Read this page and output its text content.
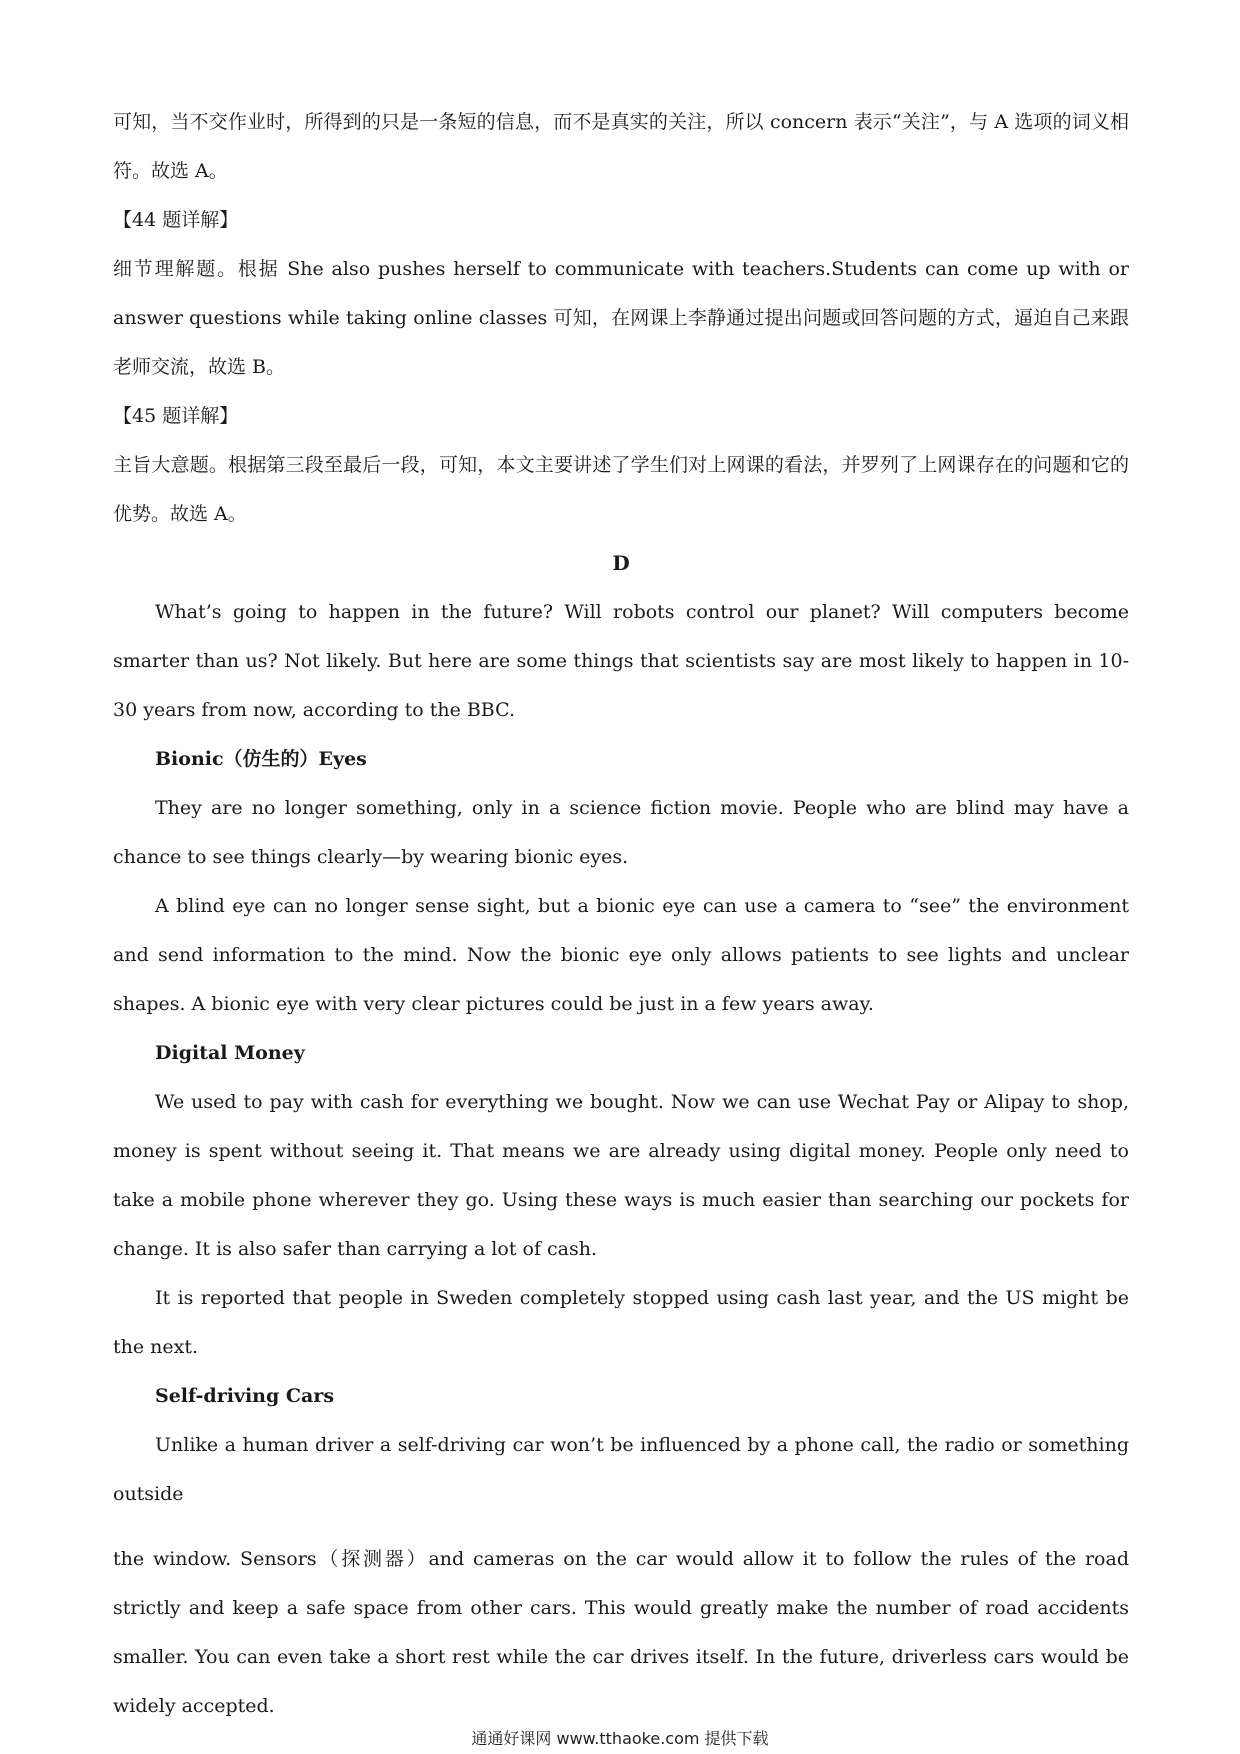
可知，当不交作业时，所得到的只是一条短的信息，而不是真实的关注，所以 concern 表示“关注”，与 A 选项的词义相符。故选 A。

【44 题详解】

细节理解题。根据 She also pushes herself to communicate with teachers.Students can come up with or answer questions while taking online classes 可知，在网课上李静通过提出问题或回答问题的方式，逼迫自己来跟老师交流，故选 B。

【45 题详解】

主旨大意题。根据第三段至最后一段，可知，本文主要讲述了学生们对上网课的看法，并罗列了上网课存在的问题和它的优势。故选 A。

D

What’s going to happen in the future? Will robots control our planet? Will computers become smarter than us? Not likely. But here are some things that scientists say are most likely to happen in 10-30 years from now, according to the BBC.

Bionic（仿生的）Eyes

They are no longer something, only in a science fiction movie. People who are blind may have a chance to see things clearly—by wearing bionic eyes.

A blind eye can no longer sense sight, but a bionic eye can use a camera to “see” the environment and send information to the mind. Now the bionic eye only allows patients to see lights and unclear shapes. A bionic eye with very clear pictures could be just in a few years away.

Digital Money

We used to pay with cash for everything we bought. Now we can use Wechat Pay or Alipay to shop, money is spent without seeing it. That means we are already using digital money. People only need to take a mobile phone wherever they go. Using these ways is much easier than searching our pockets for change. It is also safer than carrying a lot of cash.

It is reported that people in Sweden completely stopped using cash last year, and the US might be the next.

Self-driving Cars

Unlike a human driver a self-driving car won’t be influenced by a phone call, the radio or something outside

the window. Sensors（探测器）and cameras on the car would allow it to follow the rules of the road strictly and keep a safe space from other cars. This would greatly make the number of road accidents smaller. You can even take a short rest while the car drives itself. In the future, driverless cars would be widely accepted.

通通好课网 www.tthaoke.com 提供下载
